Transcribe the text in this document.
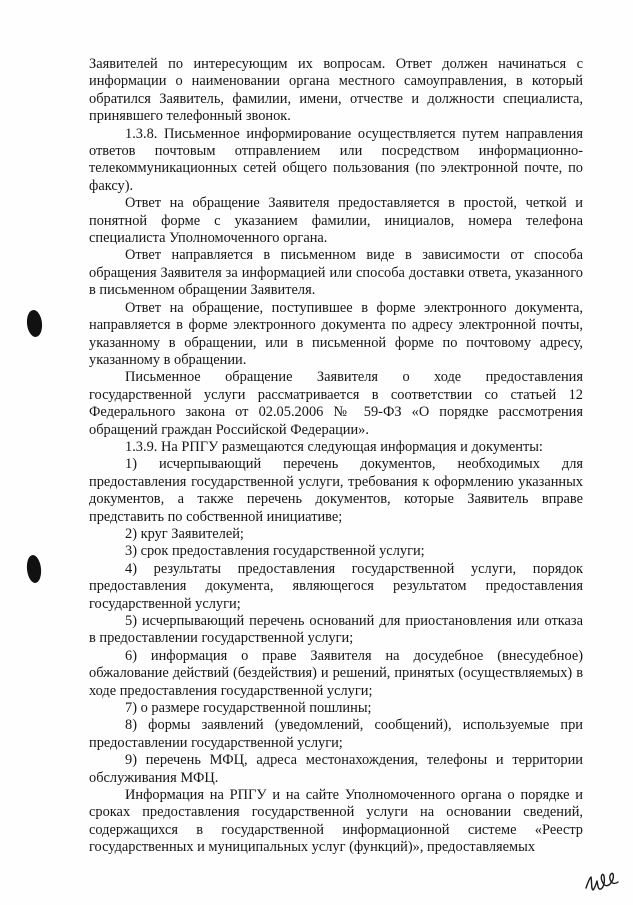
Заявителей по интересующим их вопросам. Ответ должен начинаться с информации о наименовании органа местного самоуправления, в который обратился Заявитель, фамилии, имени, отчестве и должности специалиста, принявшего телефонный звонок.

1.3.8. Письменное информирование осуществляется путем направления ответов почтовым отправлением или посредством информационно-телекоммуникационных сетей общего пользования (по электронной почте, по факсу).

Ответ на обращение Заявителя предоставляется в простой, четкой и понятной форме с указанием фамилии, инициалов, номера телефона специалиста Уполномоченного органа.

Ответ направляется в письменном виде в зависимости от способа обращения Заявителя за информацией или способа доставки ответа, указанного в письменном обращении Заявителя.

Ответ на обращение, поступившее в форме электронного документа, направляется в форме электронного документа по адресу электронной почты, указанному в обращении, или в письменной форме по почтовому адресу, указанному в обращении.

Письменное обращение Заявителя о ходе предоставления государственной услуги рассматривается в соответствии со статьей 12 Федерального закона от 02.05.2006 № 59-ФЗ «О порядке рассмотрения обращений граждан Российской Федерации».

1.3.9. На РПГУ размещаются следующая информация и документы:

1) исчерпывающий перечень документов, необходимых для предоставления государственной услуги, требования к оформлению указанных документов, а также перечень документов, которые Заявитель вправе представить по собственной инициативе;

2) круг Заявителей;

3) срок предоставления государственной услуги;

4) результаты предоставления государственной услуги, порядок предоставления документа, являющегося результатом предоставления государственной услуги;

5) исчерпывающий перечень оснований для приостановления или отказа в предоставлении государственной услуги;

6) информация о праве Заявителя на досудебное (внесудебное) обжалование действий (бездействия) и решений, принятых (осуществляемых) в ходе предоставления государственной услуги;

7) о размере государственной пошлины;

8) формы заявлений (уведомлений, сообщений), используемые при предоставлении государственной услуги;

9) перечень МФЦ, адреса местонахождения, телефоны и территории обслуживания МФЦ.

Информация на РПГУ и на сайте Уполномоченного органа о порядке и сроках предоставления государственной услуги на основании сведений, содержащихся в государственной информационной системе «Реестр государственных и муниципальных услуг (функций)», предоставляемых
